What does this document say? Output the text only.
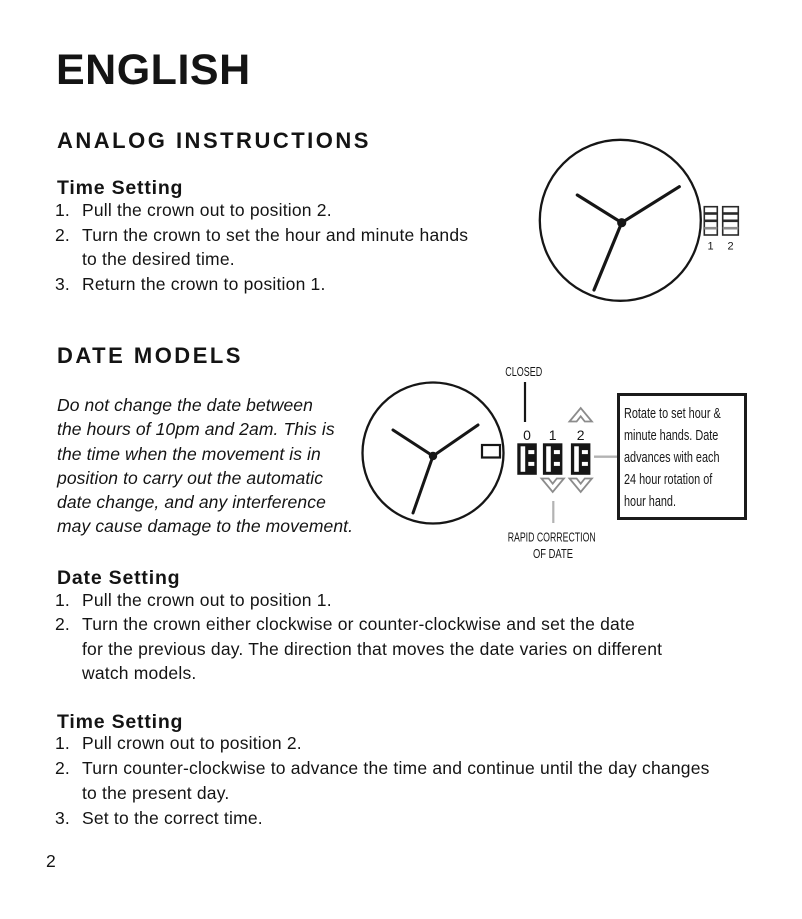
ENGLISH
ANALOG INSTRUCTIONS
Time Setting
1. Pull the crown out to position 2.
2. Turn the crown to set the hour and minute hands
to the desired time.
3. Return the crown to position 1.
1 2
DATE MODELS
Do not change the date between
the hours of 10pm and 2am. This is
the time when the movement is in
position to carry out the automatic
date change, and any interference
may cause damage to the movement.
CLOSED
0 1 2
RAPID CORRECTION
OF DATE
Rotate to set hour &
minute hands. Date
advances with each
24 hour rotation of
hour hand.
Date Setting
1. Pull the crown out to position 1.
2. Turn the crown either clockwise or counter-clockwise and set the date
for the previous day. The direction that moves the date varies on different
watch models.
Time Setting
1. Pull crown out to position 2.
2. Turn counter-clockwise to advance the time and continue until the day changes
to the present day.
3. Set to the correct time.
2
